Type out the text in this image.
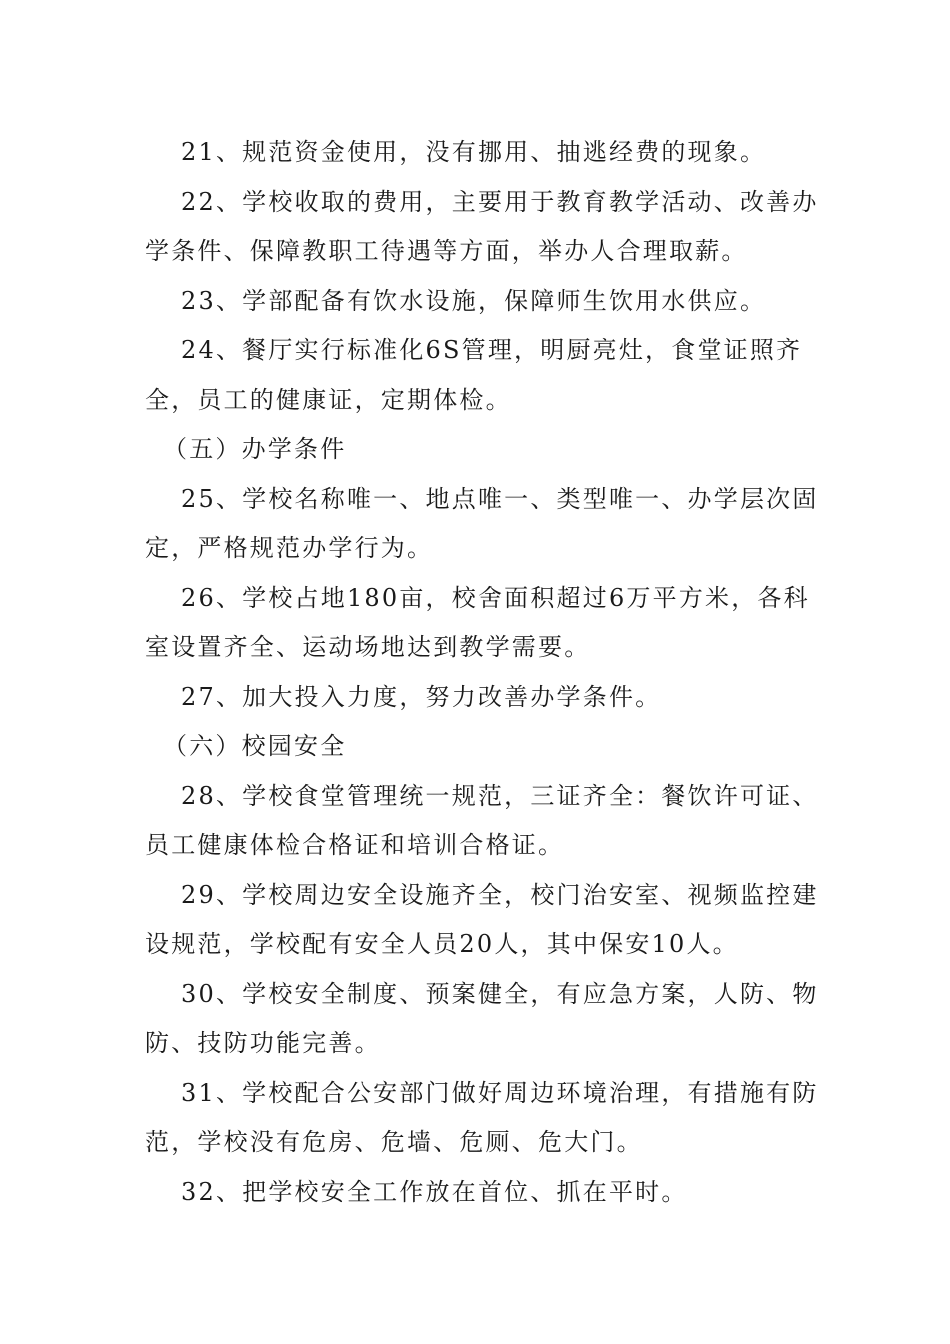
21、规范资金使用，没有挪用、抽逃经费的现象。

22、学校收取的费用，主要用于教育教学活动、改善办学条件、保障教职工待遇等方面，举办人合理取薪。

23、学部配备有饮水设施，保障师生饮用水供应。

24、餐厅实行标准化6S管理，明厨亮灶，食堂证照齐全，员工的健康证，定期体检。

（五）办学条件

25、学校名称唯一、地点唯一、类型唯一、办学层次固定，严格规范办学行为。

26、学校占地180亩，校舍面积超过6万平方米，各科室设置齐全、运动场地达到教学需要。

27、加大投入力度，努力改善办学条件。

（六）校园安全

28、学校食堂管理统一规范，三证齐全：餐饮许可证、员工健康体检合格证和培训合格证。

29、学校周边安全设施齐全，校门治安室、视频监控建设规范，学校配有安全人员20人，其中保安10人。

30、学校安全制度、预案健全，有应急方案，人防、物防、技防功能完善。

31、学校配合公安部门做好周边环境治理，有措施有防范，学校没有危房、危墙、危厕、危大门。

32、把学校安全工作放在首位、抓在平时。
